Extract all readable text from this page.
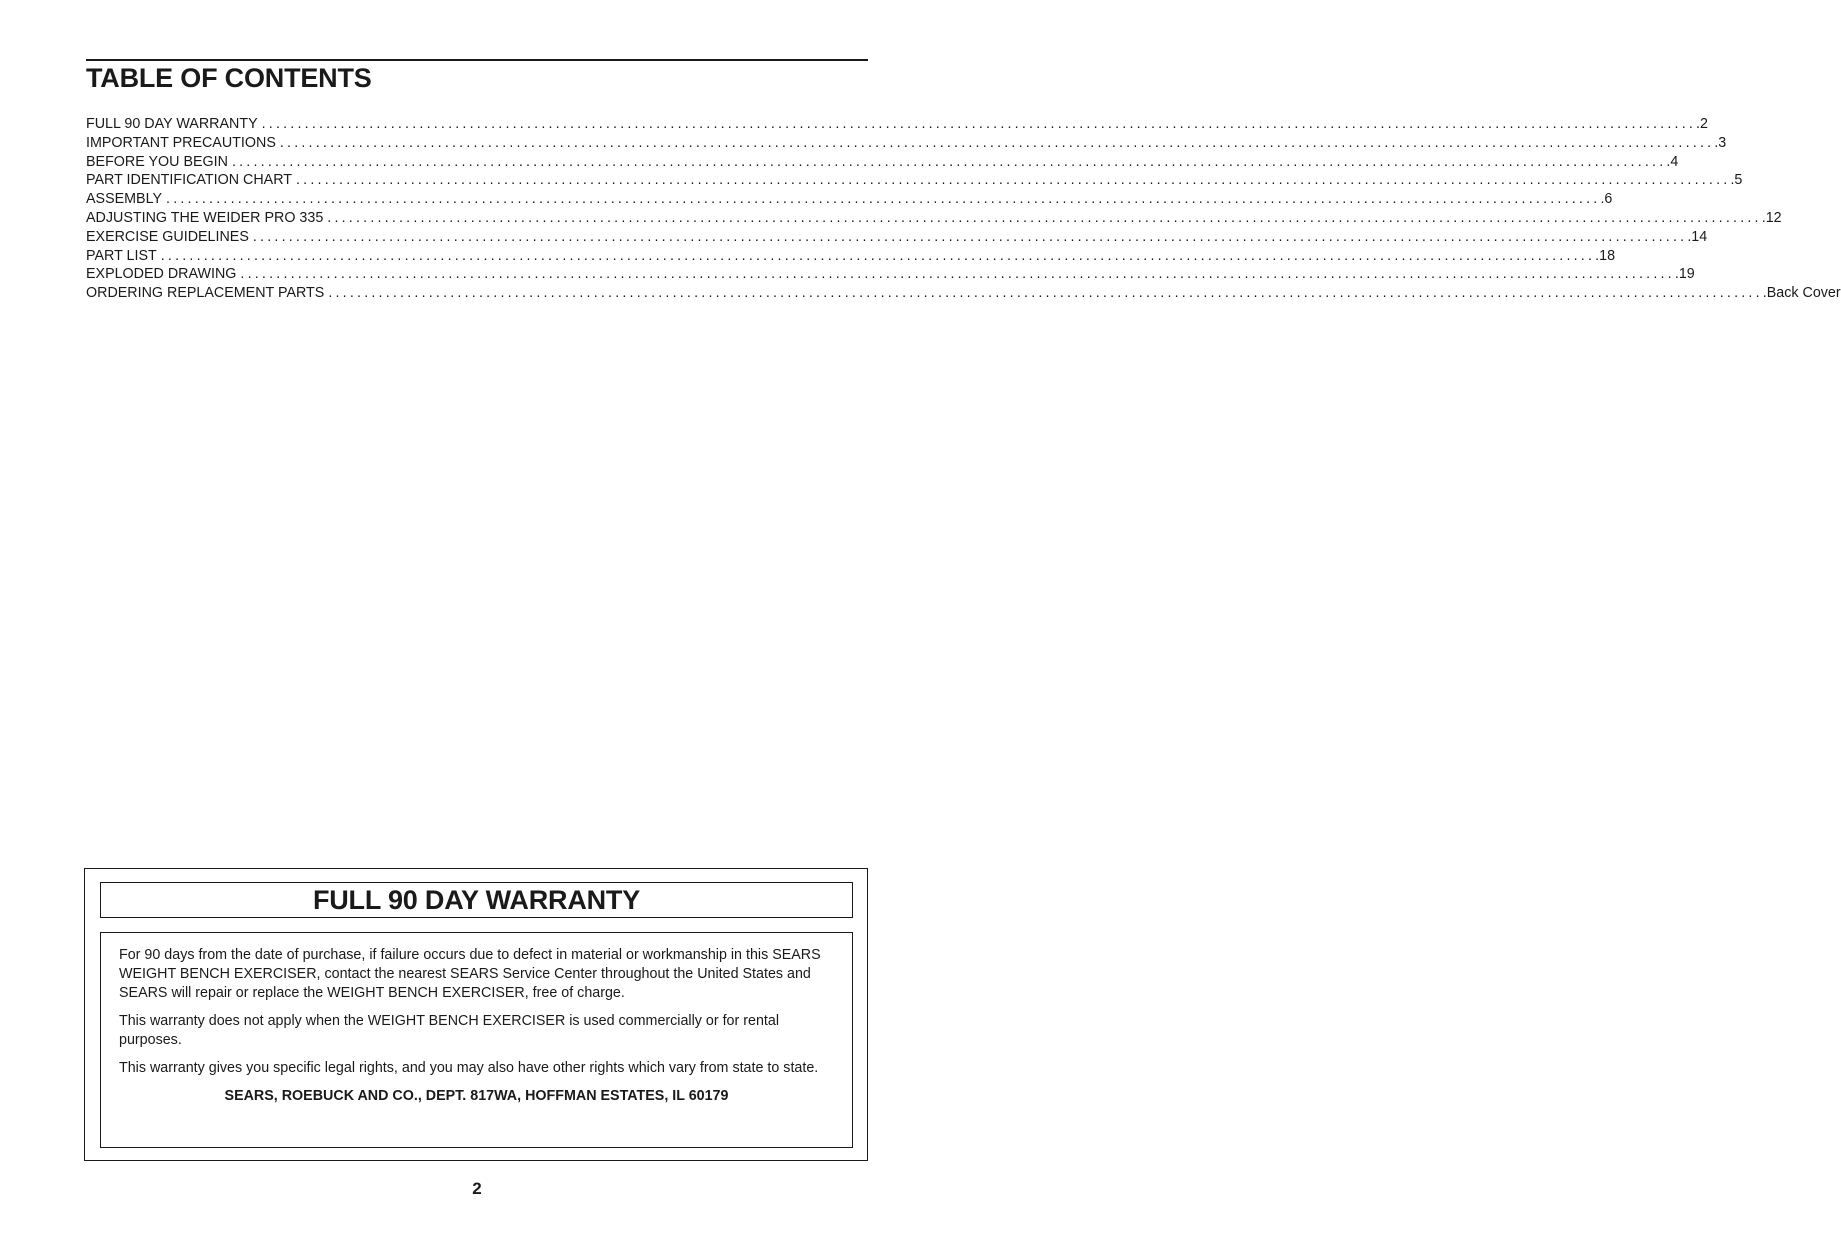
TABLE OF CONTENTS
FULL 90 DAY WARRANTY ........................................................................................................................................................................................................ .2
IMPORTANT PRECAUTIONS ........................................................................................................................................................................................................ .3
BEFORE YOU BEGIN ........................................................................................................................................................................................................ .4
PART IDENTIFICATION CHART ........................................................................................................................................................................................................ .5
ASSEMBLY ........................................................................................................................................................................................................ .6
ADJUSTING THE WEIDER PRO 335 ........................................................................................................................................................................................................ .12
EXERCISE GUIDELINES ........................................................................................................................................................................................................ .14
PART LIST ........................................................................................................................................................................................................ .18
EXPLODED DRAWING ........................................................................................................................................................................................................ .19
ORDERING REPLACEMENT PARTS ........................................................................................................................................................................................................ .Back Cover
FULL 90 DAY WARRANTY

For 90 days from the date of purchase, if failure occurs due to defect in material or workmanship in this SEARS WEIGHT BENCH EXERCISER, contact the nearest SEARS Service Center throughout the United States and SEARS will repair or replace the WEIGHT BENCH EXERCISER, free of charge.

This warranty does not apply when the WEIGHT BENCH EXERCISER is used commercially or for rental purposes.

This warranty gives you specific legal rights, and you may also have other rights which vary from state to state.

SEARS, ROEBUCK AND CO., DEPT. 817WA, HOFFMAN ESTATES, IL 60179

2
